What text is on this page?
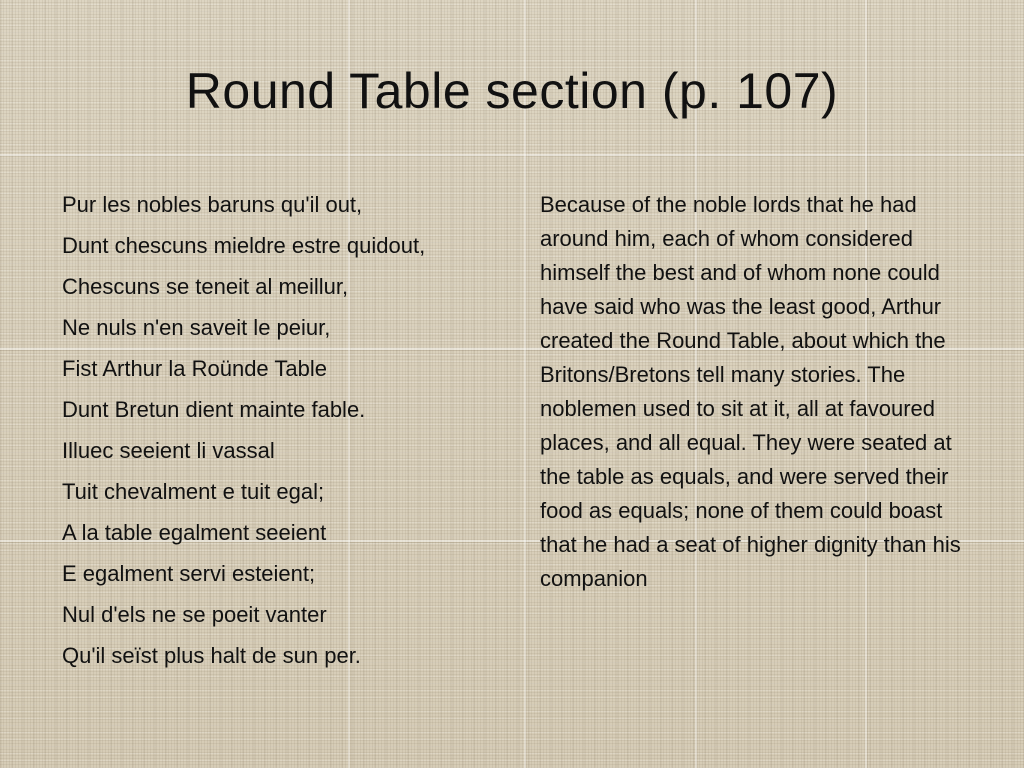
Round Table section (p. 107)
Pur les nobles baruns qu'il out,
Dunt chescuns mieldre estre quidout,
Chescuns se teneit al meillur,
Ne nuls n'en saveit le peiur,
Fist Arthur la Roünde Table
Dunt Bretun dient mainte fable.
Illuec seeient li vassal
Tuit chevalment e tuit egal;
A la table egalment seeient
E egalment servi esteient;
Nul d'els ne se poeit vanter
Qu'il seïst plus halt de sun per.

Because of the noble lords that he had around him, each of whom considered himself the best and of whom none could have said who was the least good, Arthur created the Round Table, about which the Britons/Bretons tell many stories. The noblemen used to sit at it, all at favoured places, and all equal. They were seated at the table as equals, and were served their food as equals; none of them could boast that he had a seat of higher dignity than his companion
